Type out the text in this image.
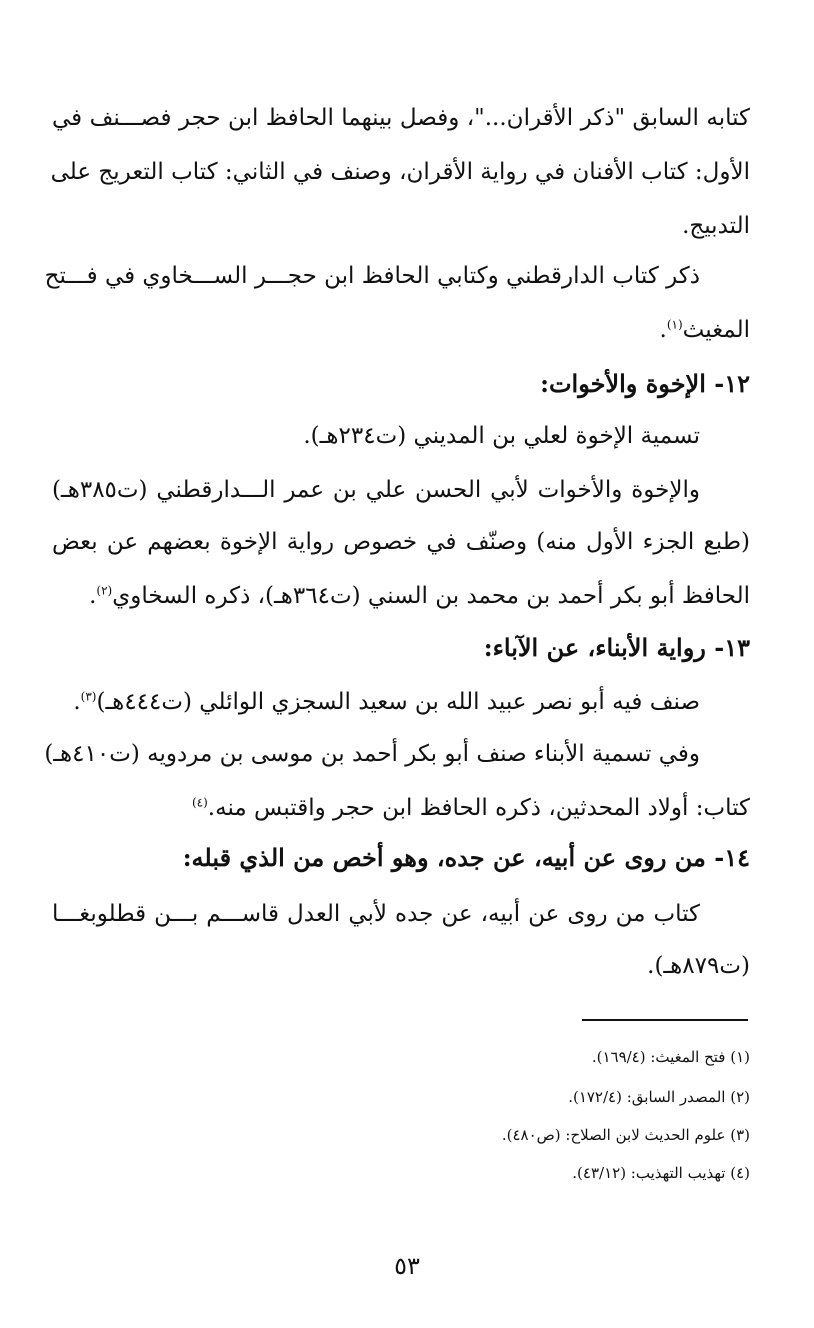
كتابه السابق "ذكر الأقران..."، وفصل بينهما الحافظ ابن حجر فصـــنف في
الأول: كتاب الأفنان في رواية الأقران، وصنف في الثاني: كتاب التعريج على
التدبيج.
ذكر كتاب الدارقطني وكتابي الحافظ ابن حجـــر الســـخاوي في فـــتح
المغيث$^{(١)}$.
١٢- الإخوة والأخوات:
تسمية الإخوة لعلي بن المديني (ت٢٣٤هـ).
والإخوة والأخوات لأبي الحسن علي بن عمر الـــدارقطني (ت٣٨٥هـ)
(طبع الجزء الأول منه) وصنّف في خصوص رواية الإخوة بعضهم عن بعض
الحافظ أبو بكر أحمد بن محمد بن السني (ت٣٦٤هـ)، ذكره السخاوي$^{(٢)}$.
١٣- رواية الأبناء، عن الآباء:
صنف فيه أبو نصر عبيد الله بن سعيد السجزي الوائلي (ت٤٤٤هـ)$^{(٣)}$.
وفي تسمية الأبناء صنف أبو بكر أحمد بن موسى بن مردويه (ت٤١٠هـ)
كتاب: أولاد المحدثين، ذكره الحافظ ابن حجر واقتبس منه.$^{(٤)}$
١٤- من روى عن أبيه، عن جده، وهو أخص من الذي قبله:
كتاب من روى عن أبيه، عن جده لأبي العدل قاســـم بـــن قطلوبغـــا
(ت٨٧٩هـ).
(١) فتح المغيث: (١٦٩/٤).
(٢) المصدر السابق: (١٧٢/٤).
(٣) علوم الحديث لابن الصلاح: (ص٤٨٠).
(٤) تهذيب التهذيب: (٤٣/١٢).
٥٣
